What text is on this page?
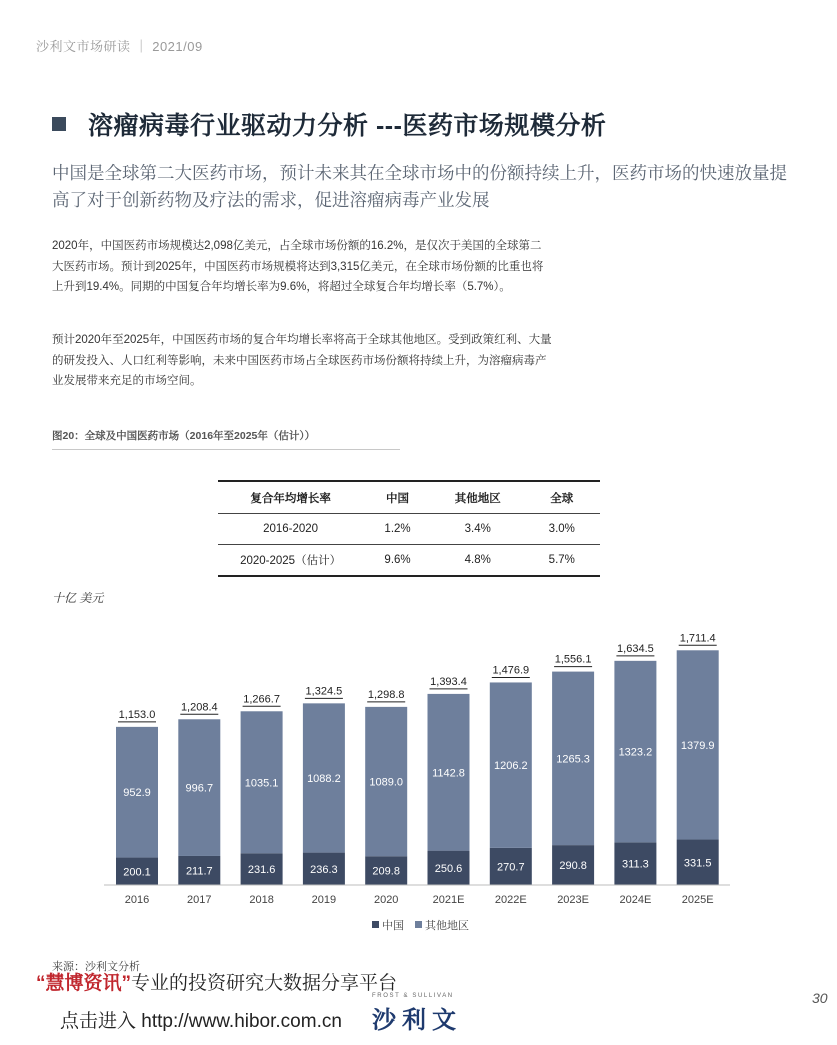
沙利文市场研读 ｜ 2021/09
溶瘤病毒行业驱动力分析 ---医药市场规模分析
中国是全球第二大医药市场，预计未来其在全球市场中的份额持续上升，医药市场的快速放量提高了对于创新药物及疗法的需求，促进溶瘤病毒产业发展
2020年，中国医药市场规模达2,098亿美元，占全球市场份额的16.2%，是仅次于美国的全球第二大医药市场。预计到2025年，中国医药市场规模将达到3,315亿美元，在全球市场份额的比重也将上升到19.4%。同期的中国复合年均增长率为9.6%，将超过全球复合年均增长率（5.7%）。
预计2020年至2025年，中国医药市场的复合年均增长率将高于全球其他地区。受到政策红利、大量的研发投入、人口红利等影响，未来中国医药市场占全球医药市场份额将持续上升，为溶瘤病毒产业发展带来充足的市场空间。
图20：全球及中国医药市场（2016年至2025年（估计））
复合年均增长率	中国	其他地区	全球
2016-2020	1.2%	3.4%	3.0%
2020-2025（估计）	9.6%	4.8%	5.7%
十亿 美元
200.1
952.9
1,153.0
2016
211.7
996.7
1,208.4
2017
231.6
1035.1
1,266.7
2018
236.3
1088.2
1,324.5
2019
209.8
1089.0
1,298.8
2020
250.6
1142.8
1,393.4
2021E
270.7
1206.2
1,476.9
2022E
290.8
1265.3
1,556.1
2023E
311.3
1323.2
1,634.5
2024E
331.5
1379.9
1,711.4
2025E
中国 其他地区
来源：沙利文分析
“慧博资讯”专业的投资研究大数据分享平台
点击进入 http://www.hibor.com.cn
FROST & SULLIVAN
沙利文
30
